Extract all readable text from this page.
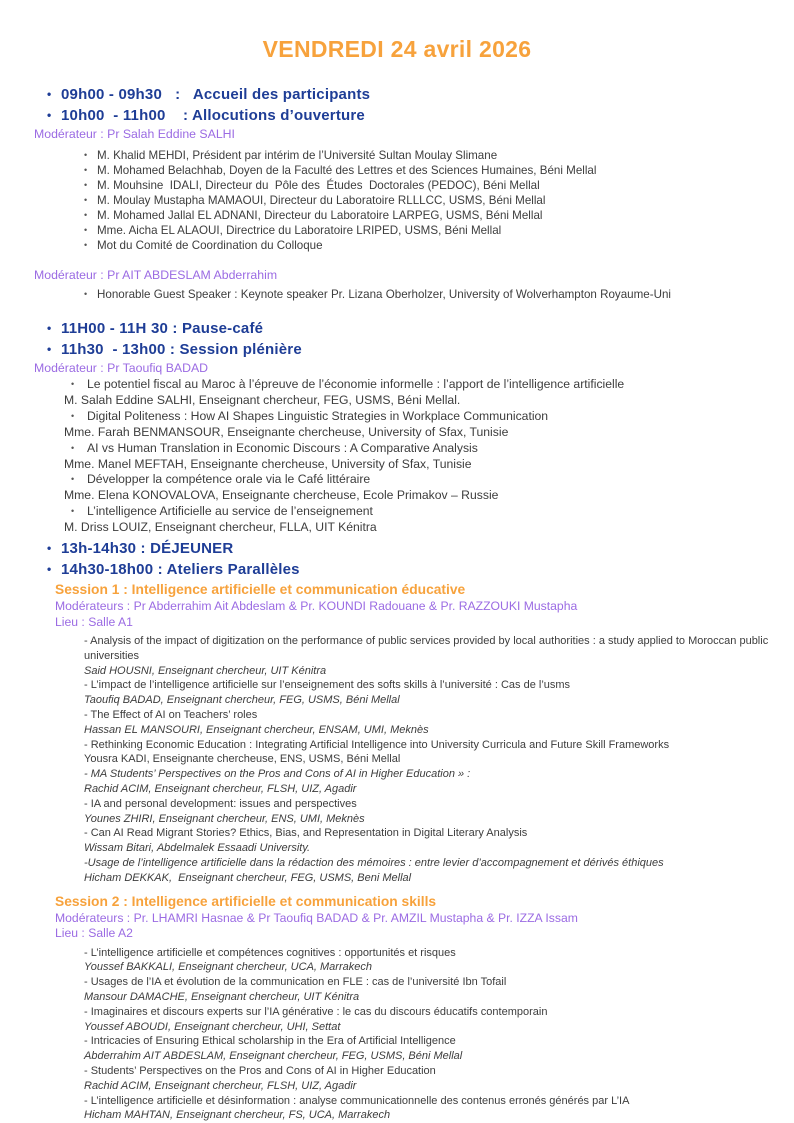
VENDREDI 24 avril 2026
• 09h00 - 09h30   :   Accueil des participants
• 10h00  - 11h00    : Allocutions d’ouverture
Modérateur : Pr Salah Eddine SALHI
• M. Khalid MEHDI, Président par intérim de l’Université Sultan Moulay Slimane
• M. Mohamed Belachhab, Doyen de la Faculté des Lettres et des Sciences Humaines, Béni Mellal
• M. Mouhsine  IDALI, Directeur du  Pôle des  Études  Doctorales (PEDOC), Béni Mellal
• M. Moulay Mustapha MAMAOUI, Directeur du Laboratoire RLLLCC, USMS, Béni Mellal
• M. Mohamed Jallal EL ADNANI, Directeur du Laboratoire LARPEG, USMS, Béni Mellal
• Mme. Aicha EL ALAOUI, Directrice du Laboratoire LRIPED, USMS, Béni Mellal
• Mot du Comité de Coordination du Colloque
Modérateur : Pr AIT ABDESLAM Abderrahim
• Honorable Guest Speaker : Keynote speaker Pr. Lizana Oberholzer, University of Wolverhampton Royaume-Uni
• 11H00 - 11H 30 : Pause-café
• 11h30  - 13h00 : Session plénière
Modérateur : Pr Taoufiq BADAD
•	Le potentiel fiscal au Maroc à l’épreuve de l’économie informelle : l’apport de l’intelligence artificielle
M. Salah Eddine SALHI, Enseignant chercheur, FEG, USMS, Béni Mellal.
•	Digital Politeness : How AI Shapes Linguistic Strategies in Workplace Communication
Mme. Farah BENMANSOUR, Enseignante chercheuse, University of Sfax, Tunisie
•	AI vs Human Translation in Economic Discours : A Comparative Analysis
Mme. Manel MEFTAH, Enseignante chercheuse, University of Sfax, Tunisie
•	Développer la compétence orale via le Café littéraire
Mme. Elena KONOVALOVA, Enseignante chercheuse, Ecole Primakov – Russie
•	L’intelligence Artificielle au service de l’enseignement
M. Driss LOUIZ, Enseignant chercheur, FLLA, UIT Kénitra
• 13h-14h30 : DÉJEUNER
• 14h30-18h00 : Ateliers Parallèles
Session 1 : Intelligence artificielle et communication éducative
Modérateurs : Pr Abderrahim Ait Abdeslam & Pr. KOUNDI Radouane & Pr. RAZZOUKI Mustapha
Lieu : Salle A1
- Analysis of the impact of digitization on the performance of public services provided by local authorities : a study applied to Moroccan public universities
Said HOUSNI, Enseignant chercheur, UIT Kénitra
- L’impact de l’intelligence artificielle sur l’enseignement des softs skills à l’université : Cas de l’usms
Taoufiq BADAD, Enseignant chercheur, FEG, USMS, Béni Mellal
- The Effect of AI on Teachers’ roles
Hassan EL MANSOURI, Enseignant chercheur, ENSAM, UMI, Meknès
- Rethinking Economic Education : Integrating Artificial Intelligence into University Curricula and Future Skill Frameworks
Yousra KADI, Enseignante chercheuse, ENS, USMS, Béni Mellal
- MA Students’ Perspectives on the Pros and Cons of AI in Higher Education » :
Rachid ACIM, Enseignant chercheur, FLSH, UIZ, Agadir
- IA and personal development: issues and perspectives
Younes ZHIRI, Enseignant chercheur, ENS, UMI, Meknès
- Can AI Read Migrant Stories? Ethics, Bias, and Representation in Digital Literary Analysis
Wissam Bitari, Abdelmalek Essaadi University.
-Usage de l’intelligence artificielle dans la rédaction des mémoires : entre levier d’accompagnement et dérivés éthiques
Hicham DEKKAK,  Enseignant chercheur, FEG, USMS, Beni Mellal
Session 2 : Intelligence artificielle et communication skills
Modérateurs : Pr. LHAMRI Hasnae & Pr Taoufiq BADAD & Pr. AMZIL Mustapha & Pr. IZZA Issam
Lieu : Salle A2
- L’intelligence artificielle et compétences cognitives : opportunités et risques
Youssef BAKKALI, Enseignant chercheur, UCA, Marrakech
- Usages de l’IA et évolution de la communication en FLE : cas de l’université Ibn Tofail
Mansour DAMACHE, Enseignant chercheur, UIT Kénitra
- Imaginaires et discours experts sur l’IA générative : le cas du discours éducatifs contemporain
Youssef ABOUDI, Enseignant chercheur, UHI, Settat
- Intricacies of Ensuring Ethical scholarship in the Era of Artificial Intelligence
Abderrahim AIT ABDESLAM, Enseignant chercheur, FEG, USMS, Béni Mellal
- Students’ Perspectives on the Pros and Cons of AI in Higher Education
Rachid ACIM, Enseignant chercheur, FLSH, UIZ, Agadir
- L’intelligence artificielle et désinformation : analyse communicationnelle des contenus erronés générés par L’IA
Hicham MAHTAN, Enseignant chercheur, FS, UCA, Marrakech
